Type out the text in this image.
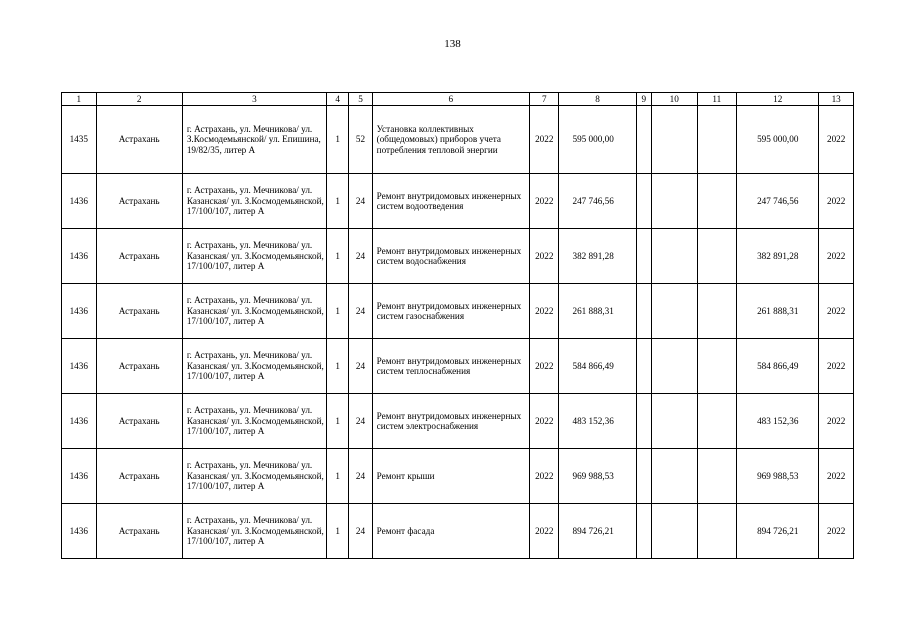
138
1	2	3	4	5	6	7	8	9	10	11	12	13
1435	Астрахань	г. Астрахань, ул. Мечникова/ ул. З.Космодемьянской/ ул. Епишина, 19/82/35, литер А	1	52	Установка коллективных (общедомовых) приборов учета потребления тепловой энергии	2022	595 000,00				595 000,00	2022
1436	Астрахань	г. Астрахань, ул. Мечникова/ ул. Казанская/ ул. З.Космодемьянской, 17/100/107, литер А	1	24	Ремонт внутридомовых инженерных систем водоотведения	2022	247 746,56				247 746,56	2022
1436	Астрахань	г. Астрахань, ул. Мечникова/ ул. Казанская/ ул. З.Космодемьянской, 17/100/107, литер А	1	24	Ремонт внутридомовых инженерных систем водоснабжения	2022	382 891,28				382 891,28	2022
1436	Астрахань	г. Астрахань, ул. Мечникова/ ул. Казанская/ ул. З.Космодемьянской, 17/100/107, литер А	1	24	Ремонт внутридомовых инженерных систем газоснабжения	2022	261 888,31				261 888,31	2022
1436	Астрахань	г. Астрахань, ул. Мечникова/ ул. Казанская/ ул. З.Космодемьянской, 17/100/107, литер А	1	24	Ремонт внутридомовых инженерных систем теплоснабжения	2022	584 866,49				584 866,49	2022
1436	Астрахань	г. Астрахань, ул. Мечникова/ ул. Казанская/ ул. З.Космодемьянской, 17/100/107, литер А	1	24	Ремонт внутридомовых инженерных систем электроснабжения	2022	483 152,36				483 152,36	2022
1436	Астрахань	г. Астрахань, ул. Мечникова/ ул. Казанская/ ул. З.Космодемьянской, 17/100/107, литер А	1	24	Ремонт крыши	2022	969 988,53				969 988,53	2022
1436	Астрахань	г. Астрахань, ул. Мечникова/ ул. Казанская/ ул. З.Космодемьянской, 17/100/107, литер А	1	24	Ремонт фасада	2022	894 726,21				894 726,21	2022
